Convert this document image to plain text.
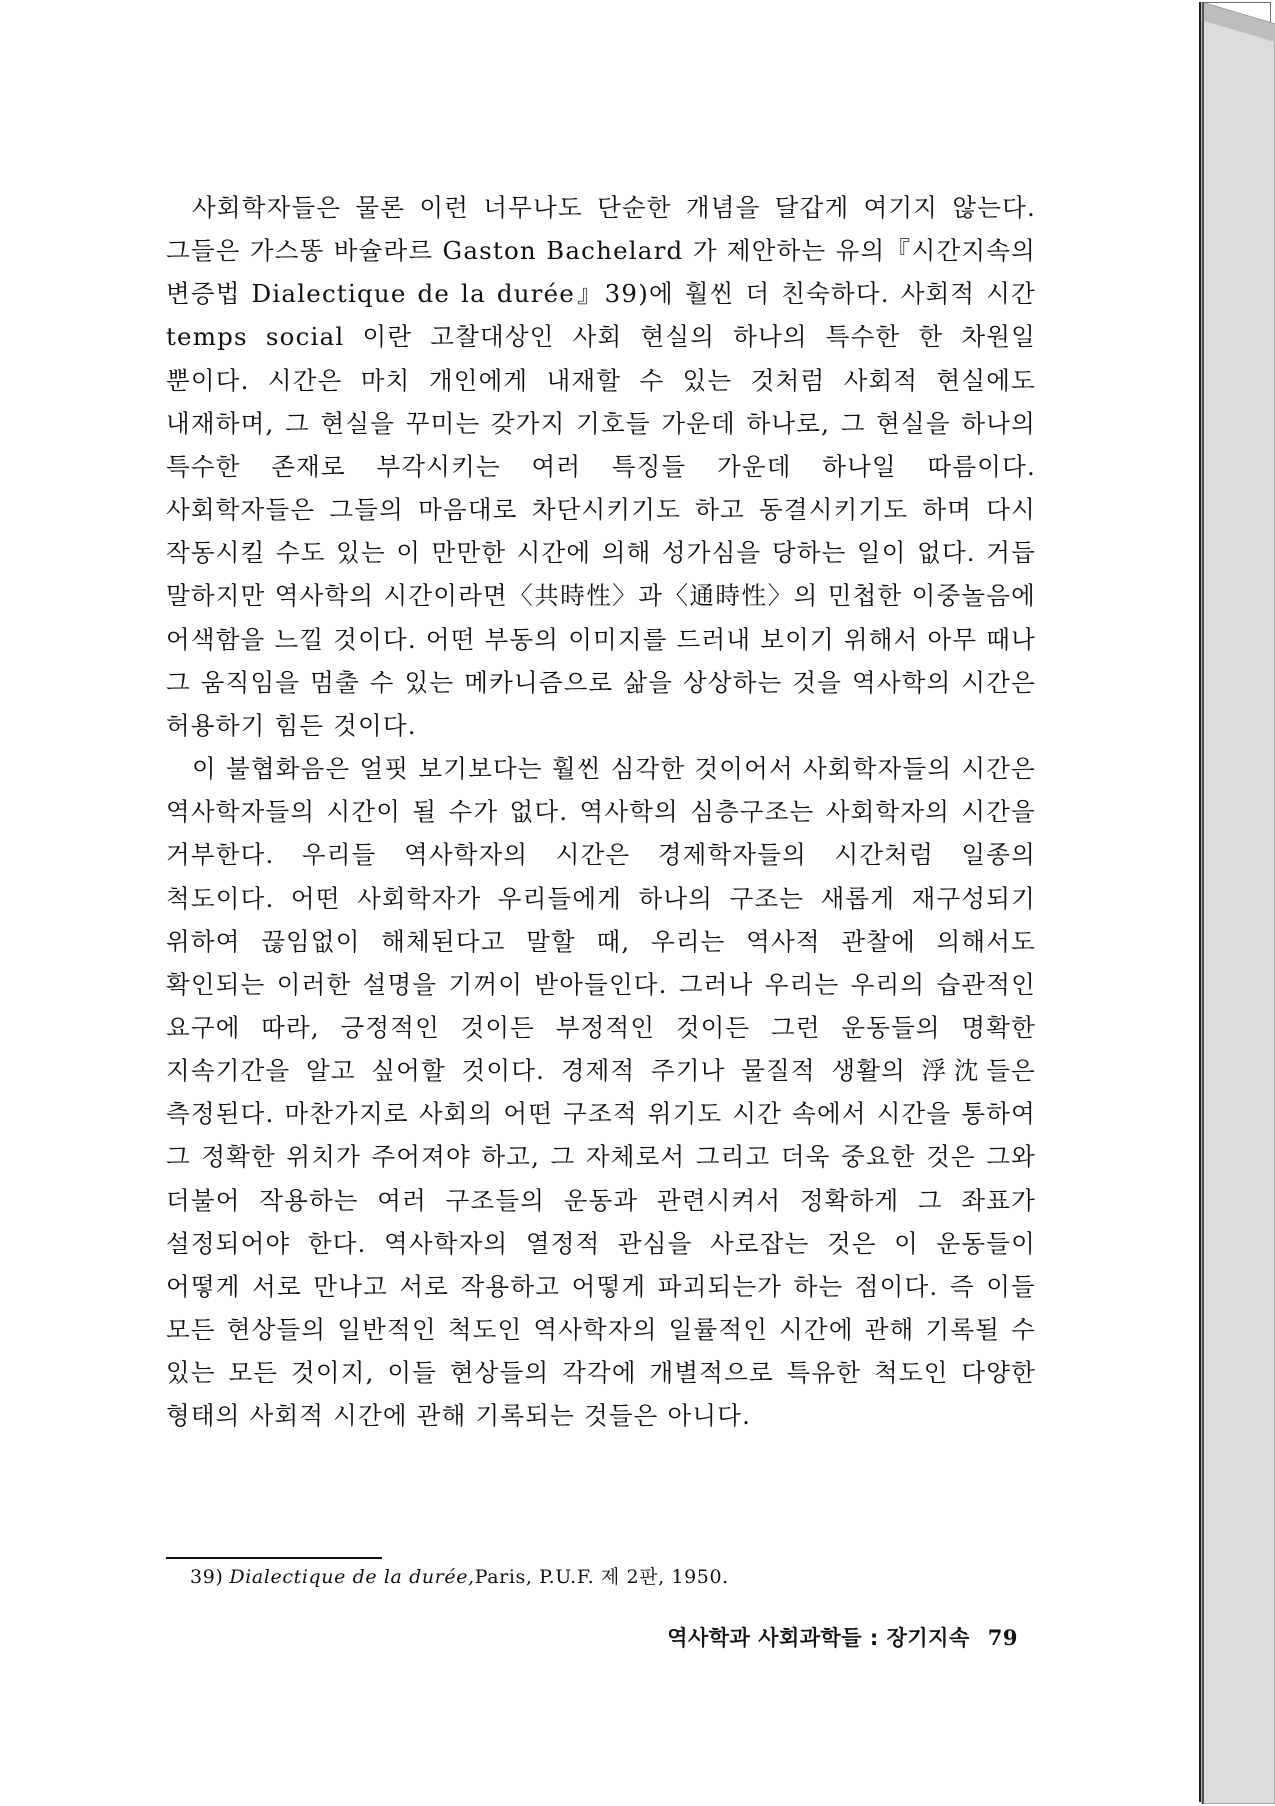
사회학자들은 물론 이런 너무나도 단순한 개념을 달갑게 여기지 않는다. 그들은 가스똥 바슐라르 Gaston Bachelard 가 제안하는 유의『시간지속의 변증법 Dialectique de la durée』39)에 훨씬 더 친숙하다. 사회적 시간 temps social 이란 고찰대상인 사회 현실의 하나의 특수한 한 차원일 뿐이다. 시간은 마치 개인에게 내재할 수 있는 것처럼 사회적 현실에도 내재하며, 그 현실을 꾸미는 갖가지 기호들 가운데 하나로, 그 현실을 하나의 특수한 존재로 부각시키는 여러 특징들 가운데 하나일 따름이다. 사회학자들은 그들의 마음대로 차단시키기도 하고 동결시키기도 하며 다시 작동시킬 수도 있는 이 만만한 시간에 의해 성가심을 당하는 일이 없다. 거듭 말하지만 역사학의 시간이라면〈共時性〉과〈通時性〉의 민첩한 이중놀음에 어색함을 느낄 것이다. 어떤 부동의 이미지를 드러내 보이기 위해서 아무 때나 그 움직임을 멈출 수 있는 메카니즘으로 삶을 상상하는 것을 역사학의 시간은 허용하기 힘든 것이다.

이 불협화음은 얼핏 보기보다는 훨씬 심각한 것이어서 사회학자들의 시간은 역사학자들의 시간이 될 수가 없다. 역사학의 심층구조는 사회학자의 시간을 거부한다. 우리들 역사학자의 시간은 경제학자들의 시간처럼 일종의 척도이다. 어떤 사회학자가 우리들에게 하나의 구조는 새롭게 재구성되기 위하여 끊임없이 해체된다고 말할 때, 우리는 역사적 관찰에 의해서도 확인되는 이러한 설명을 기꺼이 받아들인다. 그러나 우리는 우리의 습관적인 요구에 따라, 긍정적인 것이든 부정적인 것이든 그런 운동들의 명확한 지속기간을 알고 싶어할 것이다. 경제적 주기나 물질적 생활의 浮沈들은 측정된다. 마찬가지로 사회의 어떤 구조적 위기도 시간 속에서 시간을 통하여 그 정확한 위치가 주어져야 하고, 그 자체로서 그리고 더욱 중요한 것은 그와 더불어 작용하는 여러 구조들의 운동과 관련시켜서 정확하게 그 좌표가 설정되어야 한다. 역사학자의 열정적 관심을 사로잡는 것은 이 운동들이 어떻게 서로 만나고 서로 작용하고 어떻게 파괴되는가 하는 점이다. 즉 이들 모든 현상들의 일반적인 척도인 역사학자의 일률적인 시간에 관해 기록될 수 있는 모든 것이지, 이들 현상들의 각각에 개별적으로 특유한 척도인 다양한 형태의 사회적 시간에 관해 기록되는 것들은 아니다.

39) Dialectique de la durée,Paris, P.U.F. 제 2판, 1950.
역사학과 사회과학들 : 장기지속 79
